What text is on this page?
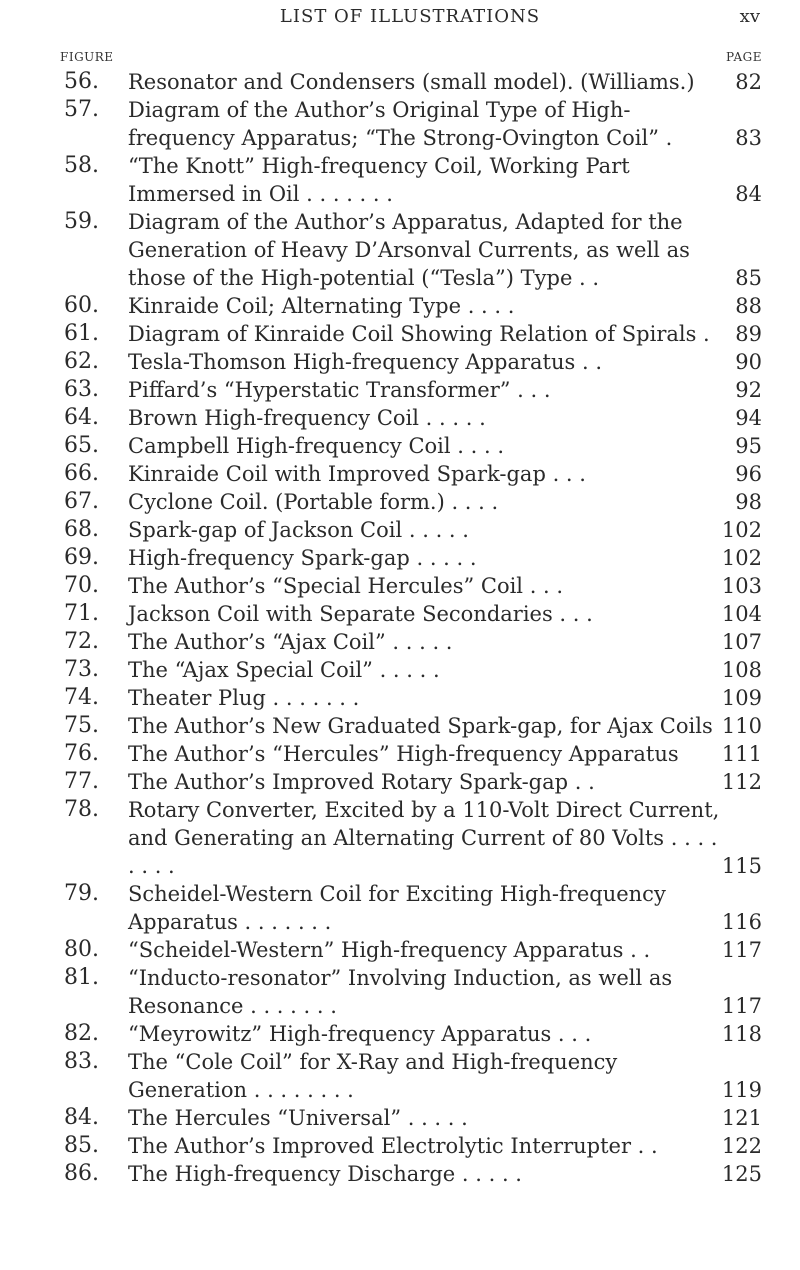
LIST OF ILLUSTRATIONS	xv
FIGURE	PAGE
56. Resonator and Condensers (small model). (Williams.)	82
57. Diagram of the Author’s Original Type of High-frequency Apparatus; “The Strong-Ovington Coil” .	83
58. “The Knott” High-frequency Coil, Working Part Immersed in Oil . . . . . . .	84
59. Diagram of the Author’s Apparatus, Adapted for the Generation of Heavy D’Arsonval Currents, as well as those of the High-potential (“Tesla”) Type . .	85
60. Kinraide Coil; Alternating Type . . . .	88
61. Diagram of Kinraide Coil Showing Relation of Spirals .	89
62. Tesla-Thomson High-frequency Apparatus . .	90
63. Piffard’s “Hyperstatic Transformer” . . .	92
64. Brown High-frequency Coil . . . . .	94
65. Campbell High-frequency Coil . . . .	95
66. Kinraide Coil with Improved Spark-gap . . .	96
67. Cyclone Coil. (Portable form.) . . . .	98
68. Spark-gap of Jackson Coil . . . . .	102
69. High-frequency Spark-gap . . . . .	102
70. The Author’s “Special Hercules” Coil . . .	103
71. Jackson Coil with Separate Secondaries . . .	104
72. The Author’s “Ajax Coil” . . . . .	107
73. The “Ajax Special Coil” . . . . .	108
74. Theater Plug . . . . . . .	109
75. The Author’s New Graduated Spark-gap, for Ajax Coils 110
76. The Author’s “Hercules” High-frequency Apparatus	111
77. The Author’s Improved Rotary Spark-gap . .	112
78. Rotary Converter, Excited by a 110-Volt Direct Current, and Generating an Alternating Current of 80 Volts . . . . . . . .	115
79. Scheidel-Western Coil for Exciting High-frequency Apparatus . . . . . . .	116
80. “Scheidel-Western” High-frequency Apparatus . .	117
81. “Inducto-resonator” Involving Induction, as well as Resonance . . . . . . .	117
82. “Meyrowitz” High-frequency Apparatus . . .	118
83. The “Cole Coil” for X-Ray and High-frequency Generation . . . . . . . .	119
84. The Hercules “Universal” . . . . .	121
85. The Author’s Improved Electrolytic Interrupter . .	122
86. The High-frequency Discharge . . . . .	125
